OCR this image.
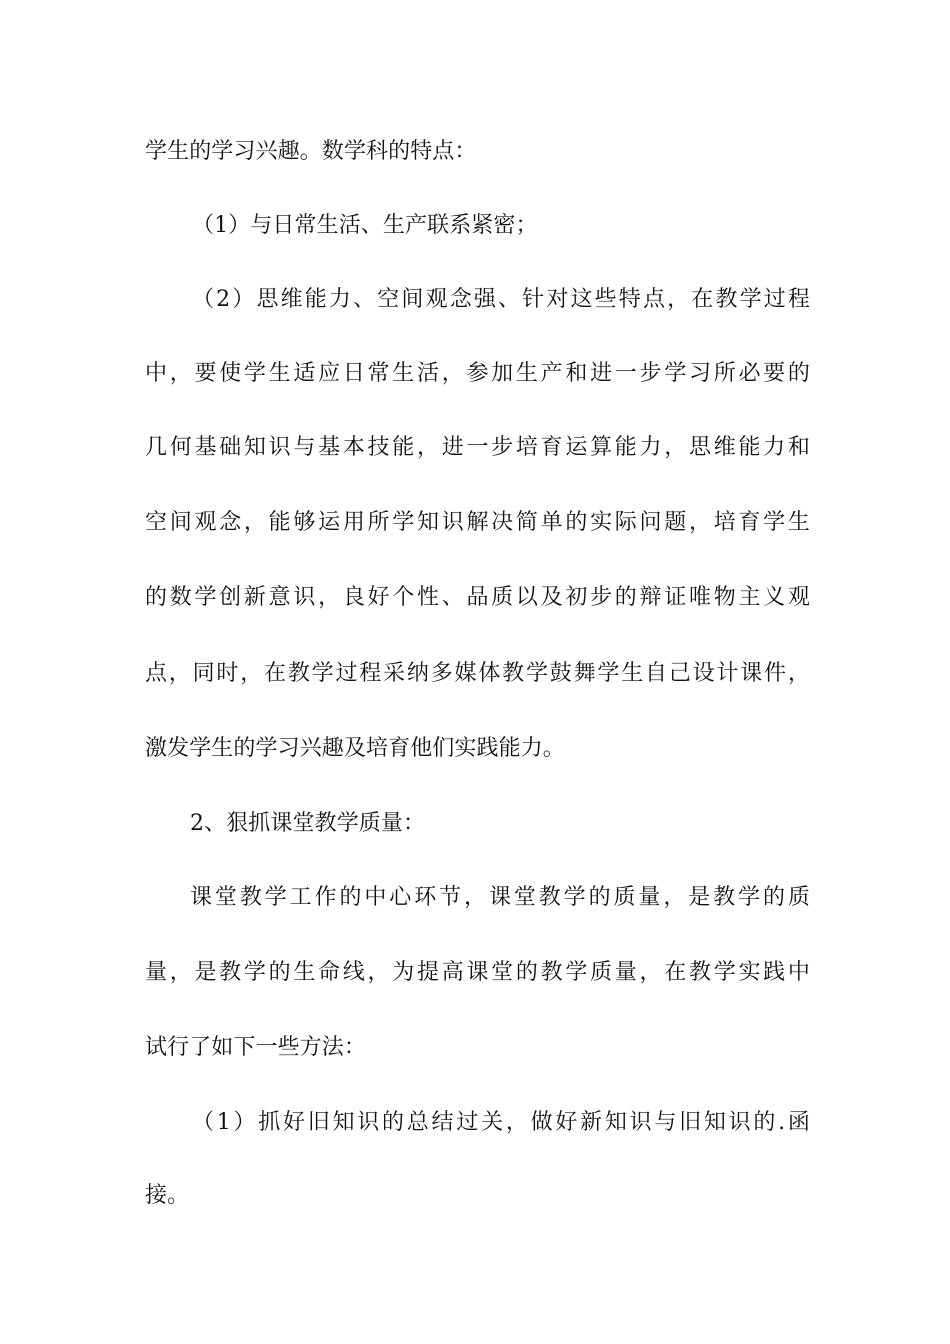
学生的学习兴趣。数学科的特点：
（1）与日常生活、生产联系紧密；
（2）思维能力、空间观念强、针对这些特点，在教学过程
中，要使学生适应日常生活，参加生产和进一步学习所必要的
几何基础知识与基本技能，进一步培育运算能力，思维能力和
空间观念，能够运用所学知识解决简单的实际问题，培育学生
的数学创新意识，良好个性、品质以及初步的辩证唯物主义观
点，同时，在教学过程采纳多媒体教学鼓舞学生自己设计课件，
激发学生的学习兴趣及培育他们实践能力。
2、狠抓课堂教学质量：
课堂教学工作的中心环节，课堂教学的质量，是教学的质
量，是教学的生命线，为提高课堂的教学质量，在教学实践中
试行了如下一些方法：
（1）抓好旧知识的总结过关，做好新知识与旧知识的.函
接。
